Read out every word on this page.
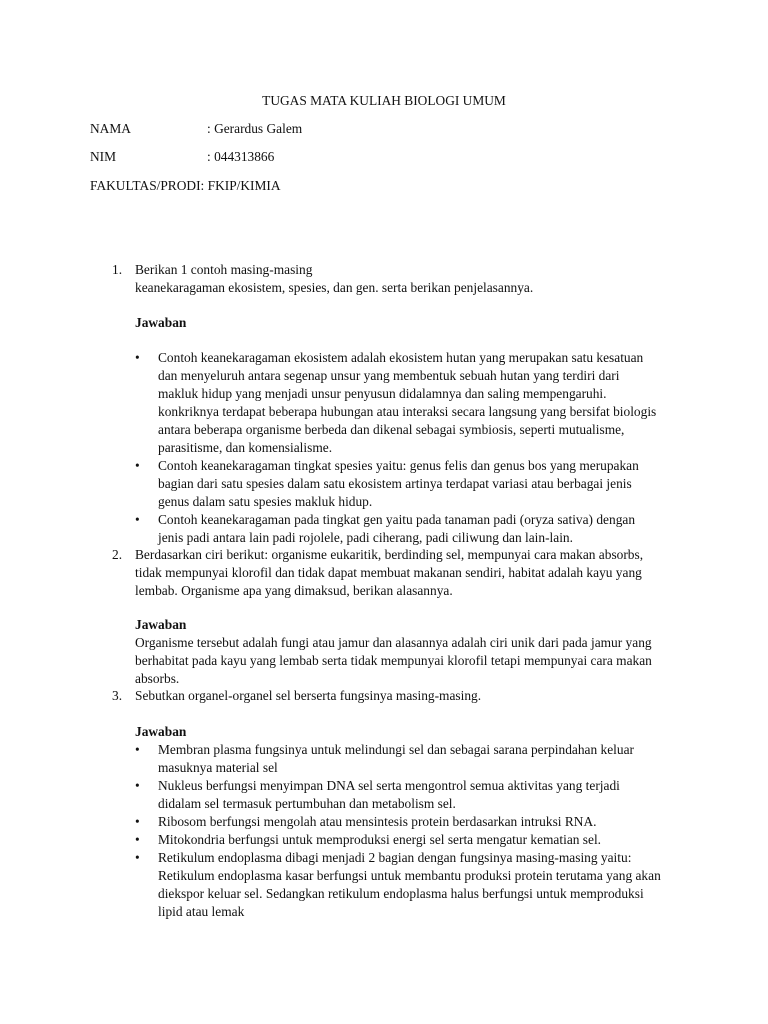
TUGAS MATA KULIAH BIOLOGI UMUM
NAMA	: Gerardus Galem
NIM	: 044313866
FAKULTAS/PRODI: FKIP/KIMIA
1. Berikan 1 contoh masing-masing
keanekaragaman ekosistem, spesies, dan gen. serta berikan penjelasannya.
Jawaban
• Contoh keanekaragaman ekosistem adalah ekosistem hutan yang merupakan satu kesatuan
dan menyeluruh antara segenap unsur yang membentuk sebuah hutan yang terdiri dari
makluk hidup yang menjadi unsur penyusun didalamnya dan saling mempengaruhi.
konkriknya terdapat beberapa hubungan atau interaksi secara langsung yang bersifat biologis
antara beberapa organisme berbeda dan dikenal sebagai symbiosis, seperti mutualisme,
parasitisme, dan komensialisme.
• Contoh keanekaragaman tingkat spesies yaitu: genus felis dan genus bos yang merupakan
bagian dari satu spesies dalam satu ekosistem artinya terdapat variasi atau berbagai jenis
genus dalam satu spesies makluk hidup.
• Contoh keanekaragaman pada tingkat gen yaitu pada tanaman padi (oryza sativa) dengan
jenis padi antara lain padi rojolele, padi ciherang, padi ciliwung dan lain-lain.
2. Berdasarkan ciri berikut: organisme eukaritik, berdinding sel, mempunyai cara makan absorbs,
tidak mempunyai klorofil dan tidak dapat membuat makanan sendiri, habitat adalah kayu yang
lembab. Organisme apa yang dimaksud, berikan alasannya.
Jawaban
Organisme tersebut adalah fungi atau jamur dan alasannya adalah ciri unik dari pada jamur yang
berhabitat pada kayu yang lembab serta tidak mempunyai klorofil tetapi mempunyai cara makan
absorbs.
3. Sebutkan organel-organel sel berserta fungsinya masing-masing.
Jawaban
• Membran plasma fungsinya untuk melindungi sel dan sebagai sarana perpindahan keluar
masuknya material sel
• Nukleus berfungsi menyimpan DNA sel serta mengontrol semua aktivitas yang terjadi
didalam sel termasuk pertumbuhan dan metabolism sel.
• Ribosom berfungsi mengolah atau mensintesis protein berdasarkan intruksi RNA.
• Mitokondria berfungsi untuk memproduksi energi sel serta mengatur kematian sel.
• Retikulum endoplasma dibagi menjadi 2 bagian dengan fungsinya masing-masing yaitu:
Retikulum endoplasma kasar berfungsi untuk membantu produksi protein terutama yang akan
diekspor keluar sel. Sedangkan retikulum endoplasma halus berfungsi untuk memproduksi
lipid atau lemak
